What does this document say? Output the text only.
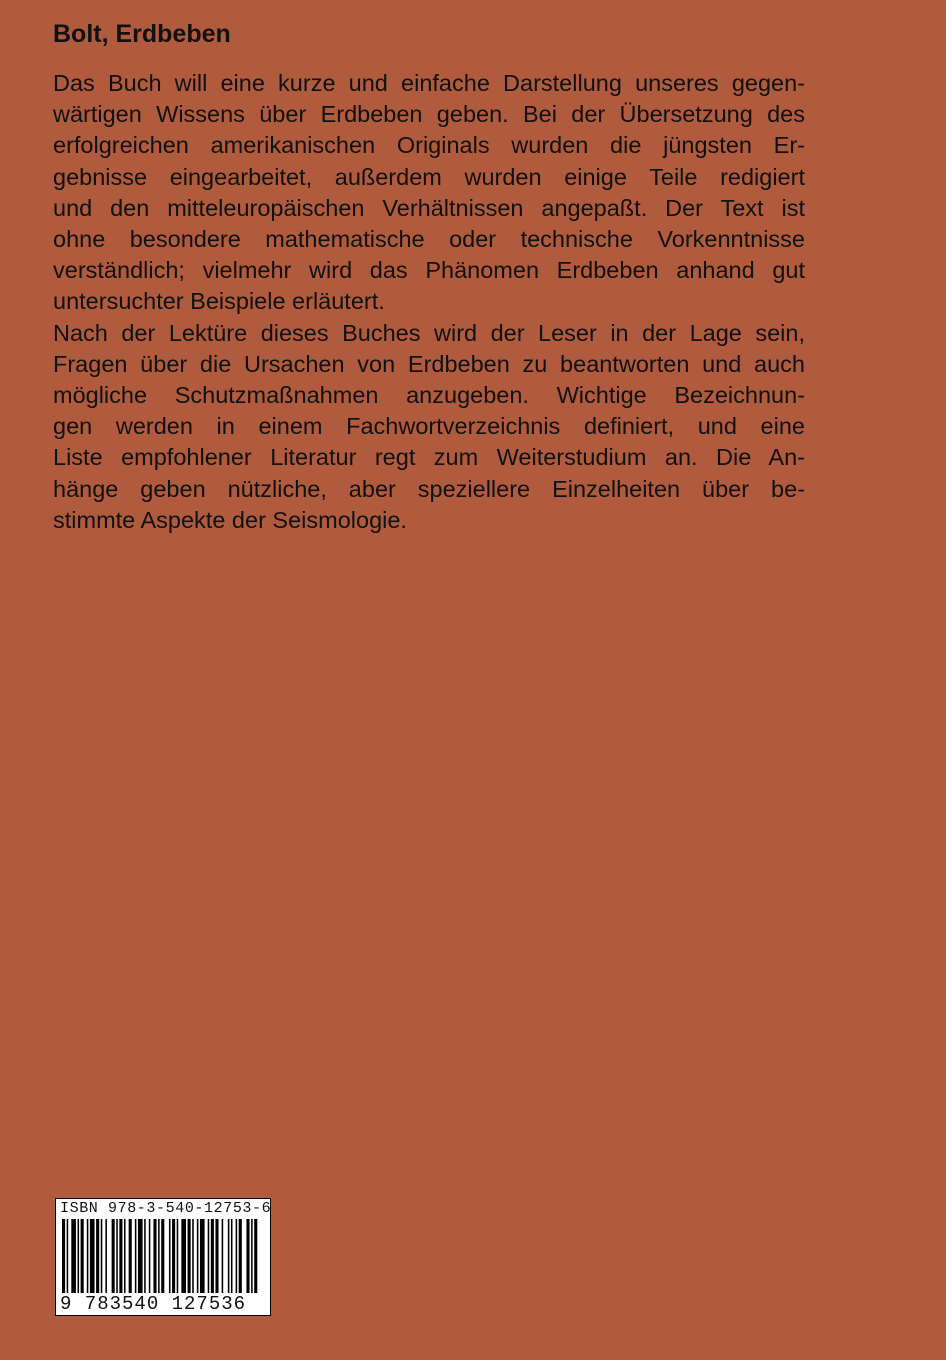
Bolt, Erdbeben

Das Buch will eine kurze und einfache Darstellung unseres gegen-
wärtigen Wissens über Erdbeben geben. Bei der Übersetzung des
erfolgreichen amerikanischen Originals wurden die jüngsten Er-
gebnisse eingearbeitet, außerdem wurden einige Teile redigiert
und den mitteleuropäischen Verhältnissen angepaßt. Der Text ist
ohne besondere mathematische oder technische Vorkenntnisse
verständlich; vielmehr wird das Phänomen Erdbeben anhand gut
untersuchter Beispiele erläutert.

Nach der Lektüre dieses Buches wird der Leser in der Lage sein,
Fragen über die Ursachen von Erdbeben zu beantworten und auch
mögliche Schutzmaßnahmen anzugeben. Wichtige Bezeichnun-
gen werden in einem Fachwortverzeichnis definiert, und eine
Liste empfohlener Literatur regt zum Weiterstudium an. Die An-
hänge geben nützliche, aber speziellere Einzelheiten über be-
stimmte Aspekte der Seismologie.

ISBN 978-3-540-12753-6
9 783540 127536
